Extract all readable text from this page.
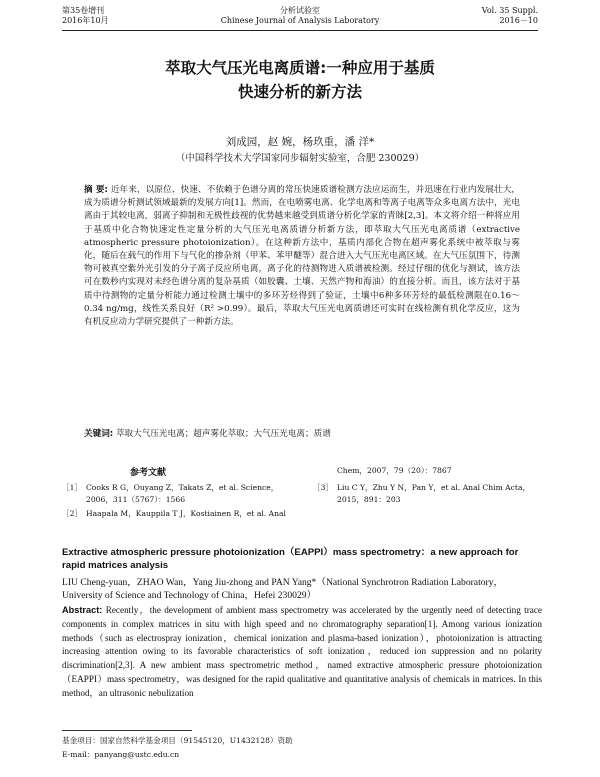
第35卷增刊
2016年10月
分析试验室
Chinese Journal of Analysis Laboratory
Vol. 35 Suppl.
2016－10
萃取大气压光电离质谱:一种应用于基质
快速分析的新方法
刘成园，赵 婉，杨玖重，潘 洋*
（中国科学技术大学国家同步辐射实验室，合肥 230029）
摘 要: 近年来，以原位、快速、不依赖于色谱分离的常压快速质谱检测方法应运而生，并迅速在行业内发展壮大，成为质谱分析测试领域最新的发展方向[1]。然而，在电喷雾电离、化学电离和等离子电离等众多电离方法中，光电离由于其较电离，弱离子抑制和无极性歧视的优势越来越受到质谱分析化学家的青睐[2,3]。本文将介绍一种将应用于基质中化合物快速定性定量分析的大气压光电离质谱分析新方法，即萃取大气压光电离质谱（extractive atmospheric pressure photoionization）。在这种新方法中，基质内部化合物在超声雾化系统中被萃取与雾化，随后在载气的作用下与气化的掺杂剂（甲苯、苯甲醚等）混合进入大气压光电离区域。在大气压氛围下，待测物可被真空紫外光引发的分子离子反应所电离，离子化的待测物进入质谱被检测。经过仔细的优化与测试，该方法可在数秒内实现对未经色谱分离的复杂基质（如胶囊、土壤、天然产物和海油）的直接分析。而且，该方法对于基质中待测物的定量分析能力通过检测土壤中的多环芳烃得到了验证，土壤中6种多环芳烃的最低检测限在0.16～0.34 ng/mg，线性关系良好（R² >0.99）。最后，萃取大气压光电离质谱还可实时在线检测有机化学反应，这为有机反应动力学研究提供了一种新方法。
关键词: 萃取大气压光电离；超声雾化萃取；大气压光电离；质谱
参考文献
［1］ Cooks R G，Ouyang Z，Takats Z，et al. Science，2006，311（5767）：1566
［2］ Haapala M，Kauppila T J，Kostiainen R，et al. Anal
Chem，2007，79（20）：7867
［3］ Liu C Y，Zhu Y N，Pan Y，et al. Anal Chim Acta，2015，891：203
Extractive atmospheric pressure photoionization（EAPPI）mass spectrometry：a new approach for rapid matrices analysis
LIU Cheng-yuan，ZHAO Wan，Yang Jiu-zhong and PAN Yang*（National Synchrotron Radiation Laboratory，University of Science and Technology of China，Hefei 230029）
Abstract: Recently，the development of ambient mass spectrometry was accelerated by the urgently need of detecting trace components in complex matrices in situ with high speed and no chromatography separation[1]. Among various ionization methods（such as electrospray ionization，chemical ionization and plasma-based ionization），photoionization is attracting increasing attention owing to its favorable characteristics of soft ionization，reduced ion suppression and no polarity discrimination[2,3]. A new ambient mass spectrometric method，named extractive atmospheric pressure photoionization（EAPPI）mass spectrometry，was designed for the rapid qualitative and quantitative analysis of chemicals in matrices. In this method，an ultrasonic nebulization
基金项目：国家自然科学基金项目（91545120，U1432128）资助
E-mail：panyang@ustc.edu.cn
